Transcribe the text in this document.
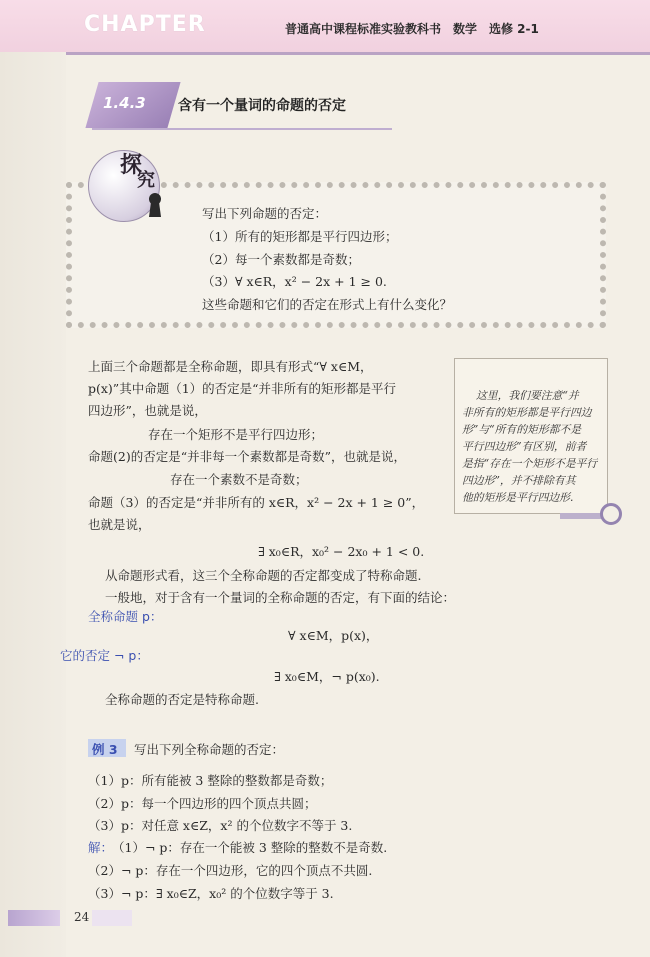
CHAPTER	普通高中课程标准实验教科书　数学　选修 2-1
1.4.3 含有一个量词的命题的否定
探
究
写出下列命题的否定：
（1）所有的矩形都是平行四边形；
（2）每一个素数都是奇数；
（3）∀ x∈R，x² − 2x + 1 ≥ 0.
这些命题和它们的否定在形式上有什么变化？
上面三个命题都是全称命题，即具有形式“∀ x∈M，
p(x)”其中命题（1）的否定是“并非所有的矩形都是平行
四边形”，也就是说，
存在一个矩形不是平行四边形；
命题(2)的否定是“并非每一个素数都是奇数”，也就是说，
存在一个素数不是奇数；
命题（3）的否定是“并非所有的 x∈R，x² − 2x + 1 ≥ 0”，
也就是说，
∃ x₀∈R，x₀² − 2x₀ + 1 < 0.
从命题形式看，这三个全称命题的否定都变成了特称命题.
一般地，对于含有一个量词的全称命题的否定，有下面的结论：
全称命题 p：
∀ x∈M，p(x)，
它的否定 ¬ p：
∃ x₀∈M，¬ p(x₀).
全称命题的否定是特称命题.
这里，我们要注意“并
非所有的矩形都是平行四边
形”与“所有的矩形都不是
平行四边形”有区别，前者
是指“存在一个矩形不是平行
四边形”，并不排除有其
他的矩形是平行四边形.
例 3 写出下列全称命题的否定：
（1）p：所有能被 3 整除的整数都是奇数；
（2）p：每一个四边形的四个顶点共圆；
（3）p：对任意 x∈Z，x² 的个位数字不等于 3.
解：
（1）¬ p：存在一个能被 3 整除的整数不是奇数.
（2）¬ p：存在一个四边形，它的四个顶点不共圆.
（3）¬ p：∃ x₀∈Z，x₀² 的个位数字等于 3.
24
